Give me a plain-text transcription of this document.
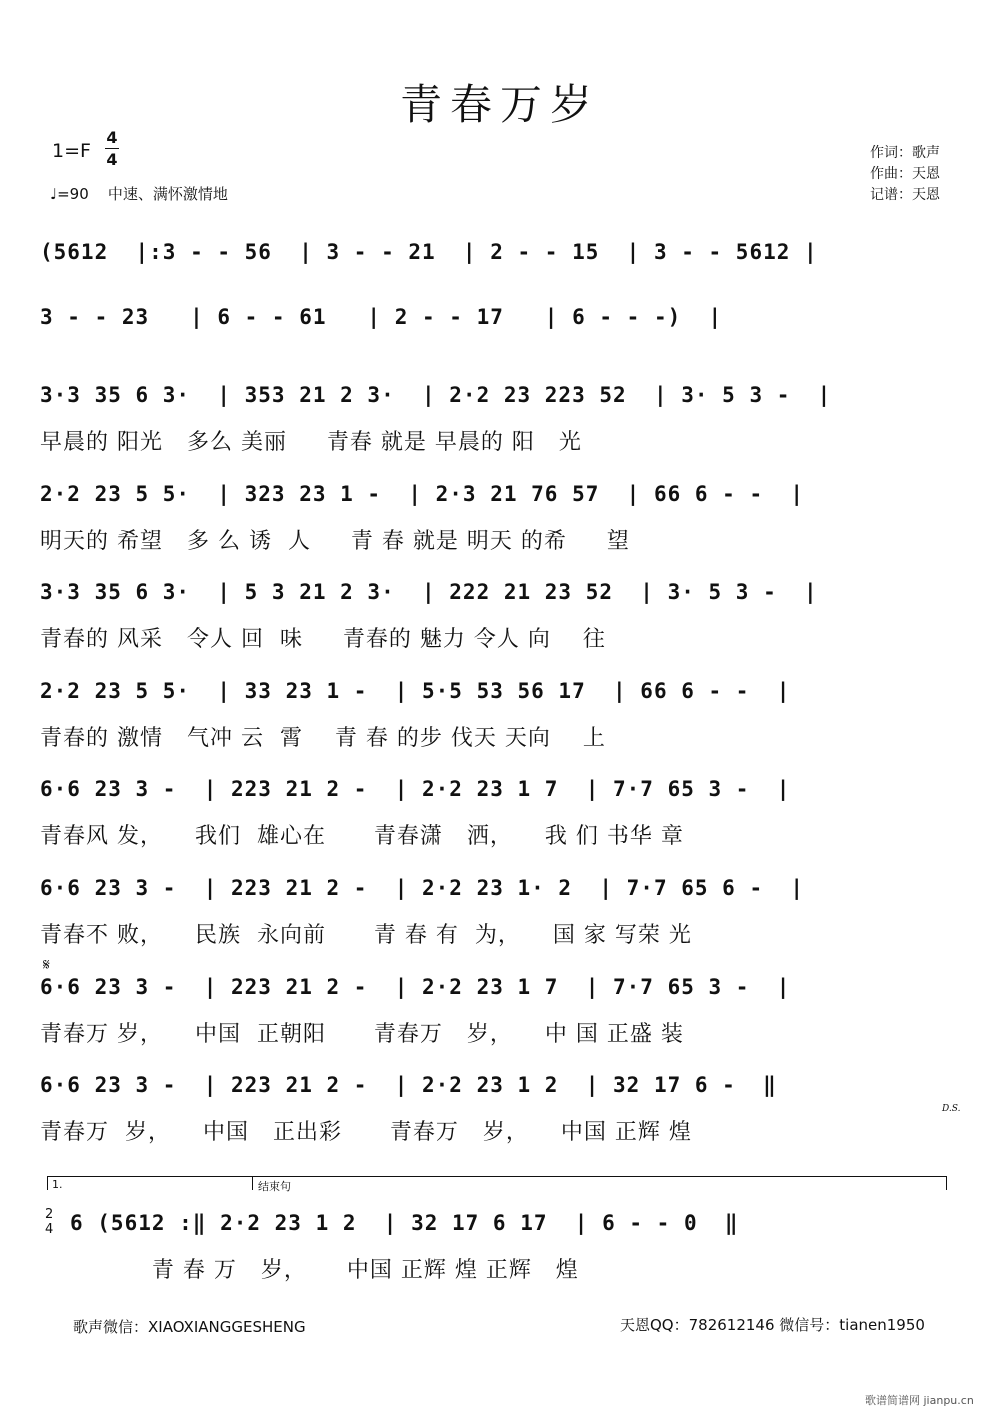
青春万岁
1=F
4
4
♩=90 中速、满怀激情地
作词：歌声
作曲：天恩
记谱：天恩
(5612  |:3 - - 56  | 3 - - 21  | 2 - - 15  | 3 - - 5612 |
3 - - 23   | 6 - - 61   | 2 - - 17   | 6 - - -)  |
3·3 35 6 3·  | 353 21 2 3·  | 2·2 23 223 52  | 3· 5 3 -  |
早晨的 阳光   多么 美丽     青春 就是 早晨的 阳   光
2·2 23 5 5·  | 323 23 1 -  | 2·3 21 76 57  | 66 6 - -  |
明天的 希望   多 么 诱  人     青 春 就是 明天 的希     望
3·3 35 6 3·  | 5 3 21 2 3·  | 222 21 23 52  | 3· 5 3 -  |
青春的 风采   令人 回  味     青春的 魅力 令人 向    往
2·2 23 5 5·  | 33 23 1 -  | 5·5 53 56 17  | 66 6 - -  |
青春的 激情   气冲 云  霄    青 春 的步 伐天 天向    上
6·6 23 3 -  | 223 21 2 -  | 2·2 23 1 7  | 7·7 65 3 -  |
青春风 发，    我们  雄心在      青春潇   洒，    我 们 书华 章
6·6 23 3 -  | 223 21 2 -  | 2·2 23 1· 2  | 7·7 65 6 -  |
青春不 败，    民族  永向前      青 春 有  为，    国 家 写荣 光
6·6 23 3 -  | 223 21 2 -  | 2·2 23 1 7  | 7·7 65 3 -  |
青春万 岁，    中国  正朝阳      青春万   岁，    中 国 正盛 装
6·6 23 3 -  | 223 21 2 -  | 2·2 23 1 2  | 32 17 6 -  ‖
青春万  岁，    中国   正出彩      青春万   岁，    中国 正辉 煌
6 (5612 :‖ 2·2 23 1 2  | 32 17 6 17  | 6 - - 0  ‖
青 春 万   岁，     中国 正辉 煌 正辉   煌
𝄋
D.S.
1.	结束句
2
4
歌声微信：XIAOXIANGGESHENG	天恩QQ：782612146 微信号：tianen1950
歌谱简谱网 jianpu.cn
